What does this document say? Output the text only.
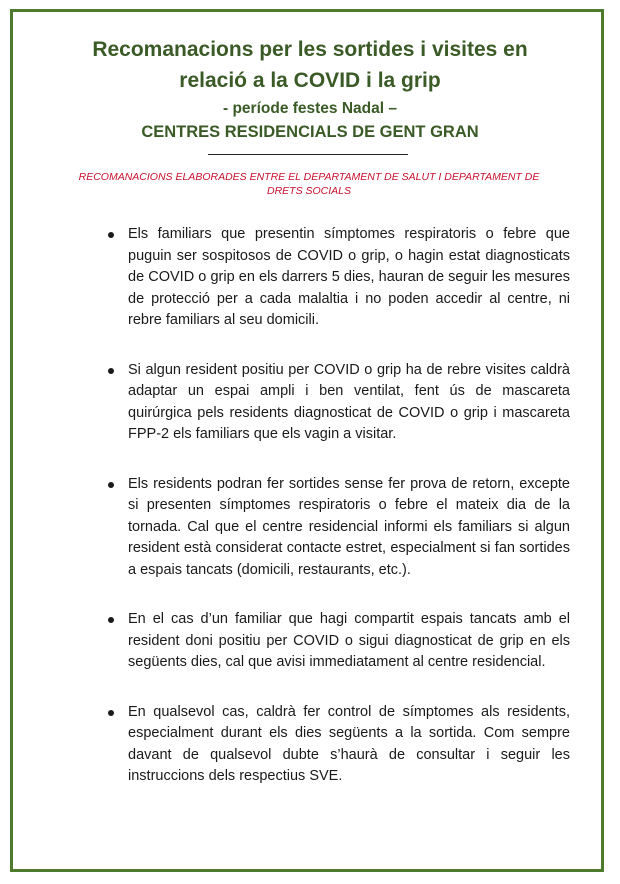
Recomanacions per les sortides i visites en
relació a la COVID i la grip
- període festes Nadal –
CENTRES RESIDENCIALS DE GENT GRAN

RECOMANACIONS ELABORADES ENTRE EL DEPARTAMENT DE SALUT I DEPARTAMENT DE DRETS SOCIALS

Els familiars que presentin símptomes respiratoris o febre que puguin ser sospitosos de COVID o grip, o hagin estat diagnosticats de COVID o grip en els darrers 5 dies, hauran de seguir les mesures de protecció per a cada malaltia i no poden accedir al centre, ni rebre familiars al seu domicili.
Si algun resident positiu per COVID o grip ha de rebre visites caldrà adaptar un espai ampli i ben ventilat, fent ús de mascareta quirúrgica pels residents diagnosticat de COVID o grip i mascareta FPP-2 els familiars que els vagin a visitar.
Els residents podran fer sortides sense fer prova de retorn, excepte si presenten símptomes respiratoris o febre el mateix dia de la tornada. Cal que el centre residencial informi els familiars si algun resident està considerat contacte estret, especialment si fan sortides a espais tancats (domicili, restaurants, etc.).
En el cas d’un familiar que hagi compartit espais tancats amb el resident doni positiu per COVID o sigui diagnosticat de grip en els següents dies, cal que avisi immediatament al centre residencial.
En qualsevol cas, caldrà fer control de símptomes als residents, especialment durant els dies següents a la sortida. Com sempre davant de qualsevol dubte s’haurà de consultar i seguir les instruccions dels respectius SVE.
